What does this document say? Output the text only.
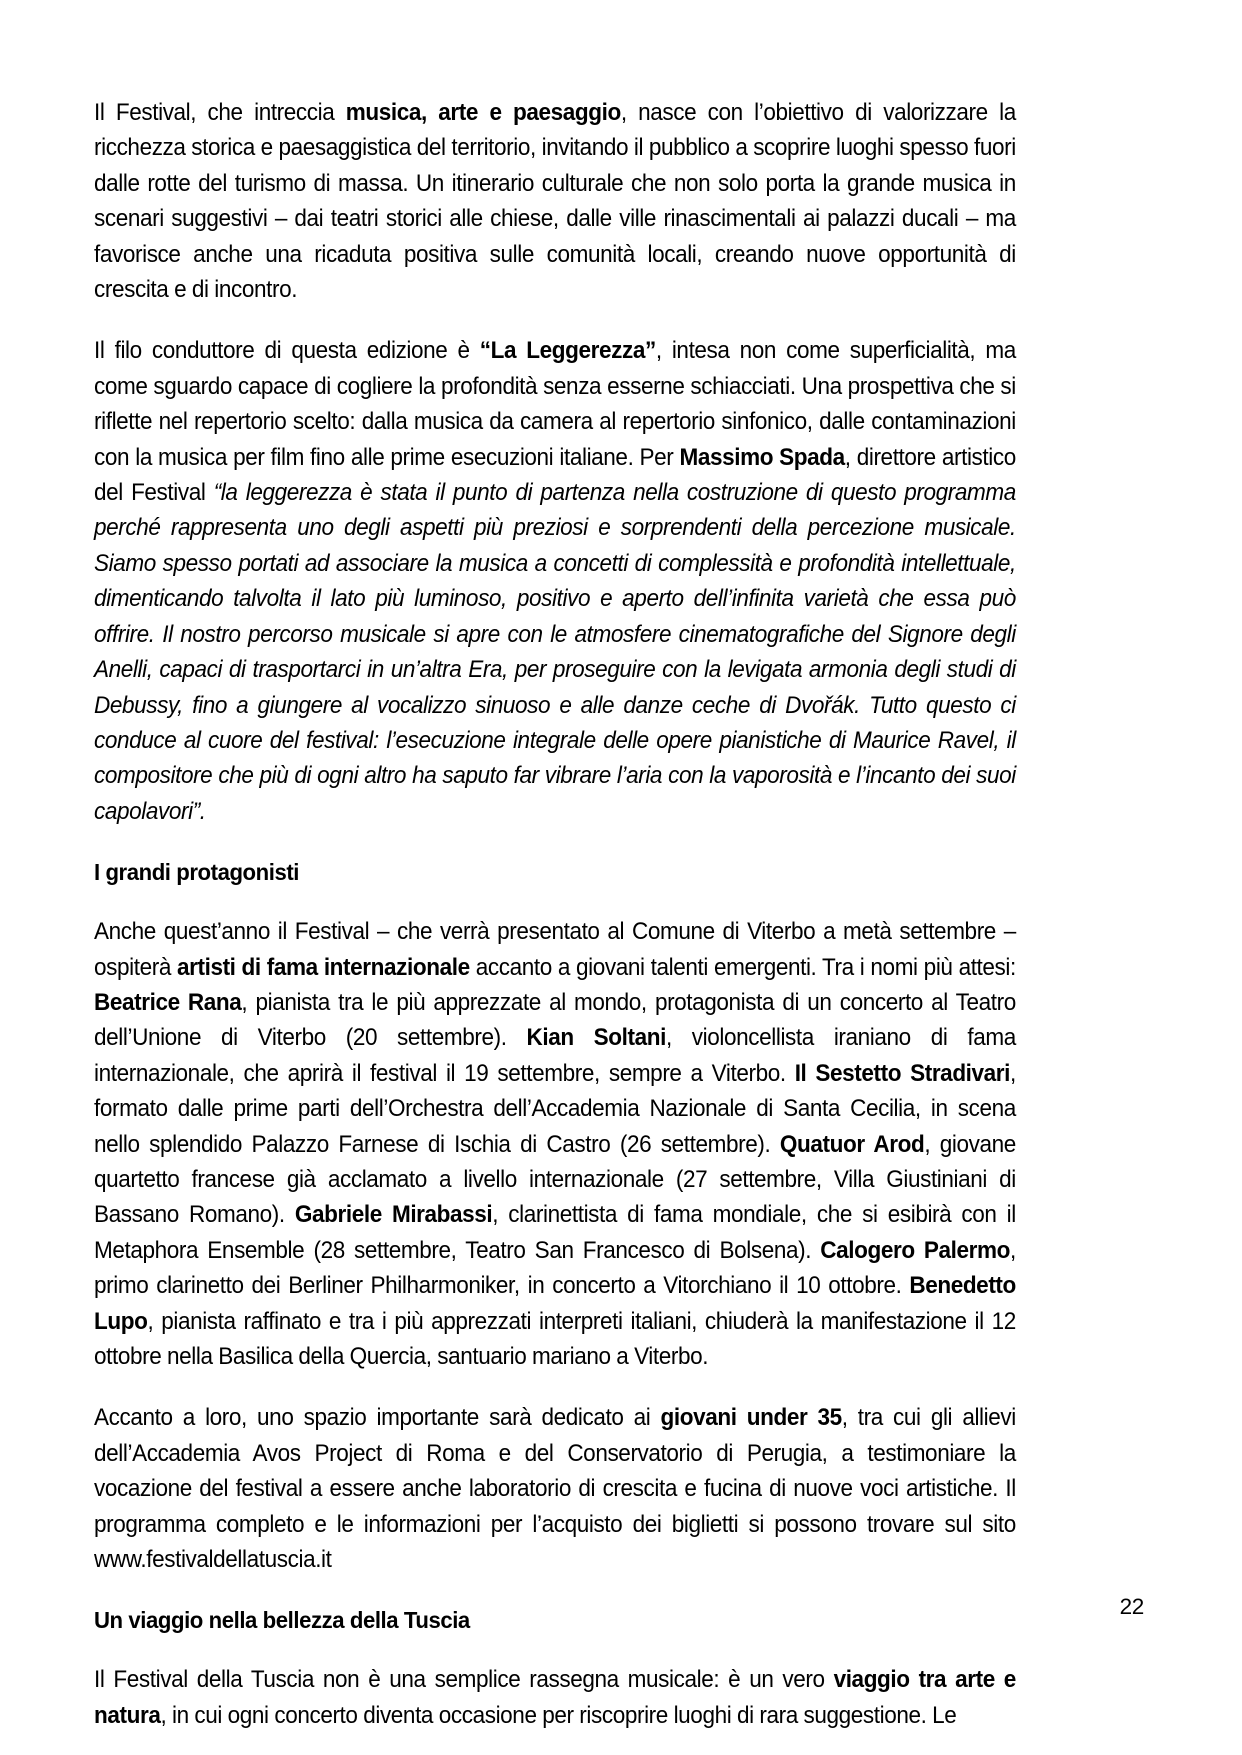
Il Festival, che intreccia musica, arte e paesaggio, nasce con l’obiettivo di valorizzare la ricchezza storica e paesaggistica del territorio, invitando il pubblico a scoprire luoghi spesso fuori dalle rotte del turismo di massa. Un itinerario culturale che non solo porta la grande musica in scenari suggestivi – dai teatri storici alle chiese, dalle ville rinascimentali ai palazzi ducali – ma favorisce anche una ricaduta positiva sulle comunità locali, creando nuove opportunità di crescita e di incontro.

Il filo conduttore di questa edizione è “La Leggerezza”, intesa non come superficialità, ma come sguardo capace di cogliere la profondità senza esserne schiacciati. Una prospettiva che si riflette nel repertorio scelto: dalla musica da camera al repertorio sinfonico, dalle contaminazioni con la musica per film fino alle prime esecuzioni italiane. Per Massimo Spada, direttore artistico del Festival “la leggerezza è stata il punto di partenza nella costruzione di questo programma perché rappresenta uno degli aspetti più preziosi e sorprendenti della percezione musicale. Siamo spesso portati ad associare la musica a concetti di complessità e profondità intellettuale, dimenticando talvolta il lato più luminoso, positivo e aperto dell’infinita varietà che essa può offrire. Il nostro percorso musicale si apre con le atmosfere cinematografiche del Signore degli Anelli, capaci di trasportarci in un’altra Era, per proseguire con la levigata armonia degli studi di Debussy, fino a giungere al vocalizzo sinuoso e alle danze ceche di Dvořák. Tutto questo ci conduce al cuore del festival: l’esecuzione integrale delle opere pianistiche di Maurice Ravel, il compositore che più di ogni altro ha saputo far vibrare l’aria con la vaporosità e l’incanto dei suoi capolavori”.

I grandi protagonisti

Anche quest’anno il Festival – che verrà presentato al Comune di Viterbo a metà settembre – ospiterà artisti di fama internazionale accanto a giovani talenti emergenti. Tra i nomi più attesi: Beatrice Rana, pianista tra le più apprezzate al mondo, protagonista di un concerto al Teatro dell’Unione di Viterbo (20 settembre). Kian Soltani, violoncellista iraniano di fama internazionale, che aprirà il festival il 19 settembre, sempre a Viterbo. Il Sestetto Stradivari, formato dalle prime parti dell’Orchestra dell’Accademia Nazionale di Santa Cecilia, in scena nello splendido Palazzo Farnese di Ischia di Castro (26 settembre). Quatuor Arod, giovane quartetto francese già acclamato a livello internazionale (27 settembre, Villa Giustiniani di Bassano Romano). Gabriele Mirabassi, clarinettista di fama mondiale, che si esibirà con il Metaphora Ensemble (28 settembre, Teatro San Francesco di Bolsena). Calogero Palermo, primo clarinetto dei Berliner Philharmoniker, in concerto a Vitorchiano il 10 ottobre. Benedetto Lupo, pianista raffinato e tra i più apprezzati interpreti italiani, chiuderà la manifestazione il 12 ottobre nella Basilica della Quercia, santuario mariano a Viterbo.

Accanto a loro, uno spazio importante sarà dedicato ai giovani under 35, tra cui gli allievi dell’Accademia Avos Project di Roma e del Conservatorio di Perugia, a testimoniare la vocazione del festival a essere anche laboratorio di crescita e fucina di nuove voci artistiche. Il programma completo e le informazioni per l’acquisto dei biglietti si possono trovare sul sito www.festivaldellatuscia.it

Un viaggio nella bellezza della Tuscia

Il Festival della Tuscia non è una semplice rassegna musicale: è un vero viaggio tra arte e natura, in cui ogni concerto diventa occasione per riscoprire luoghi di rara suggestione. Le

22
